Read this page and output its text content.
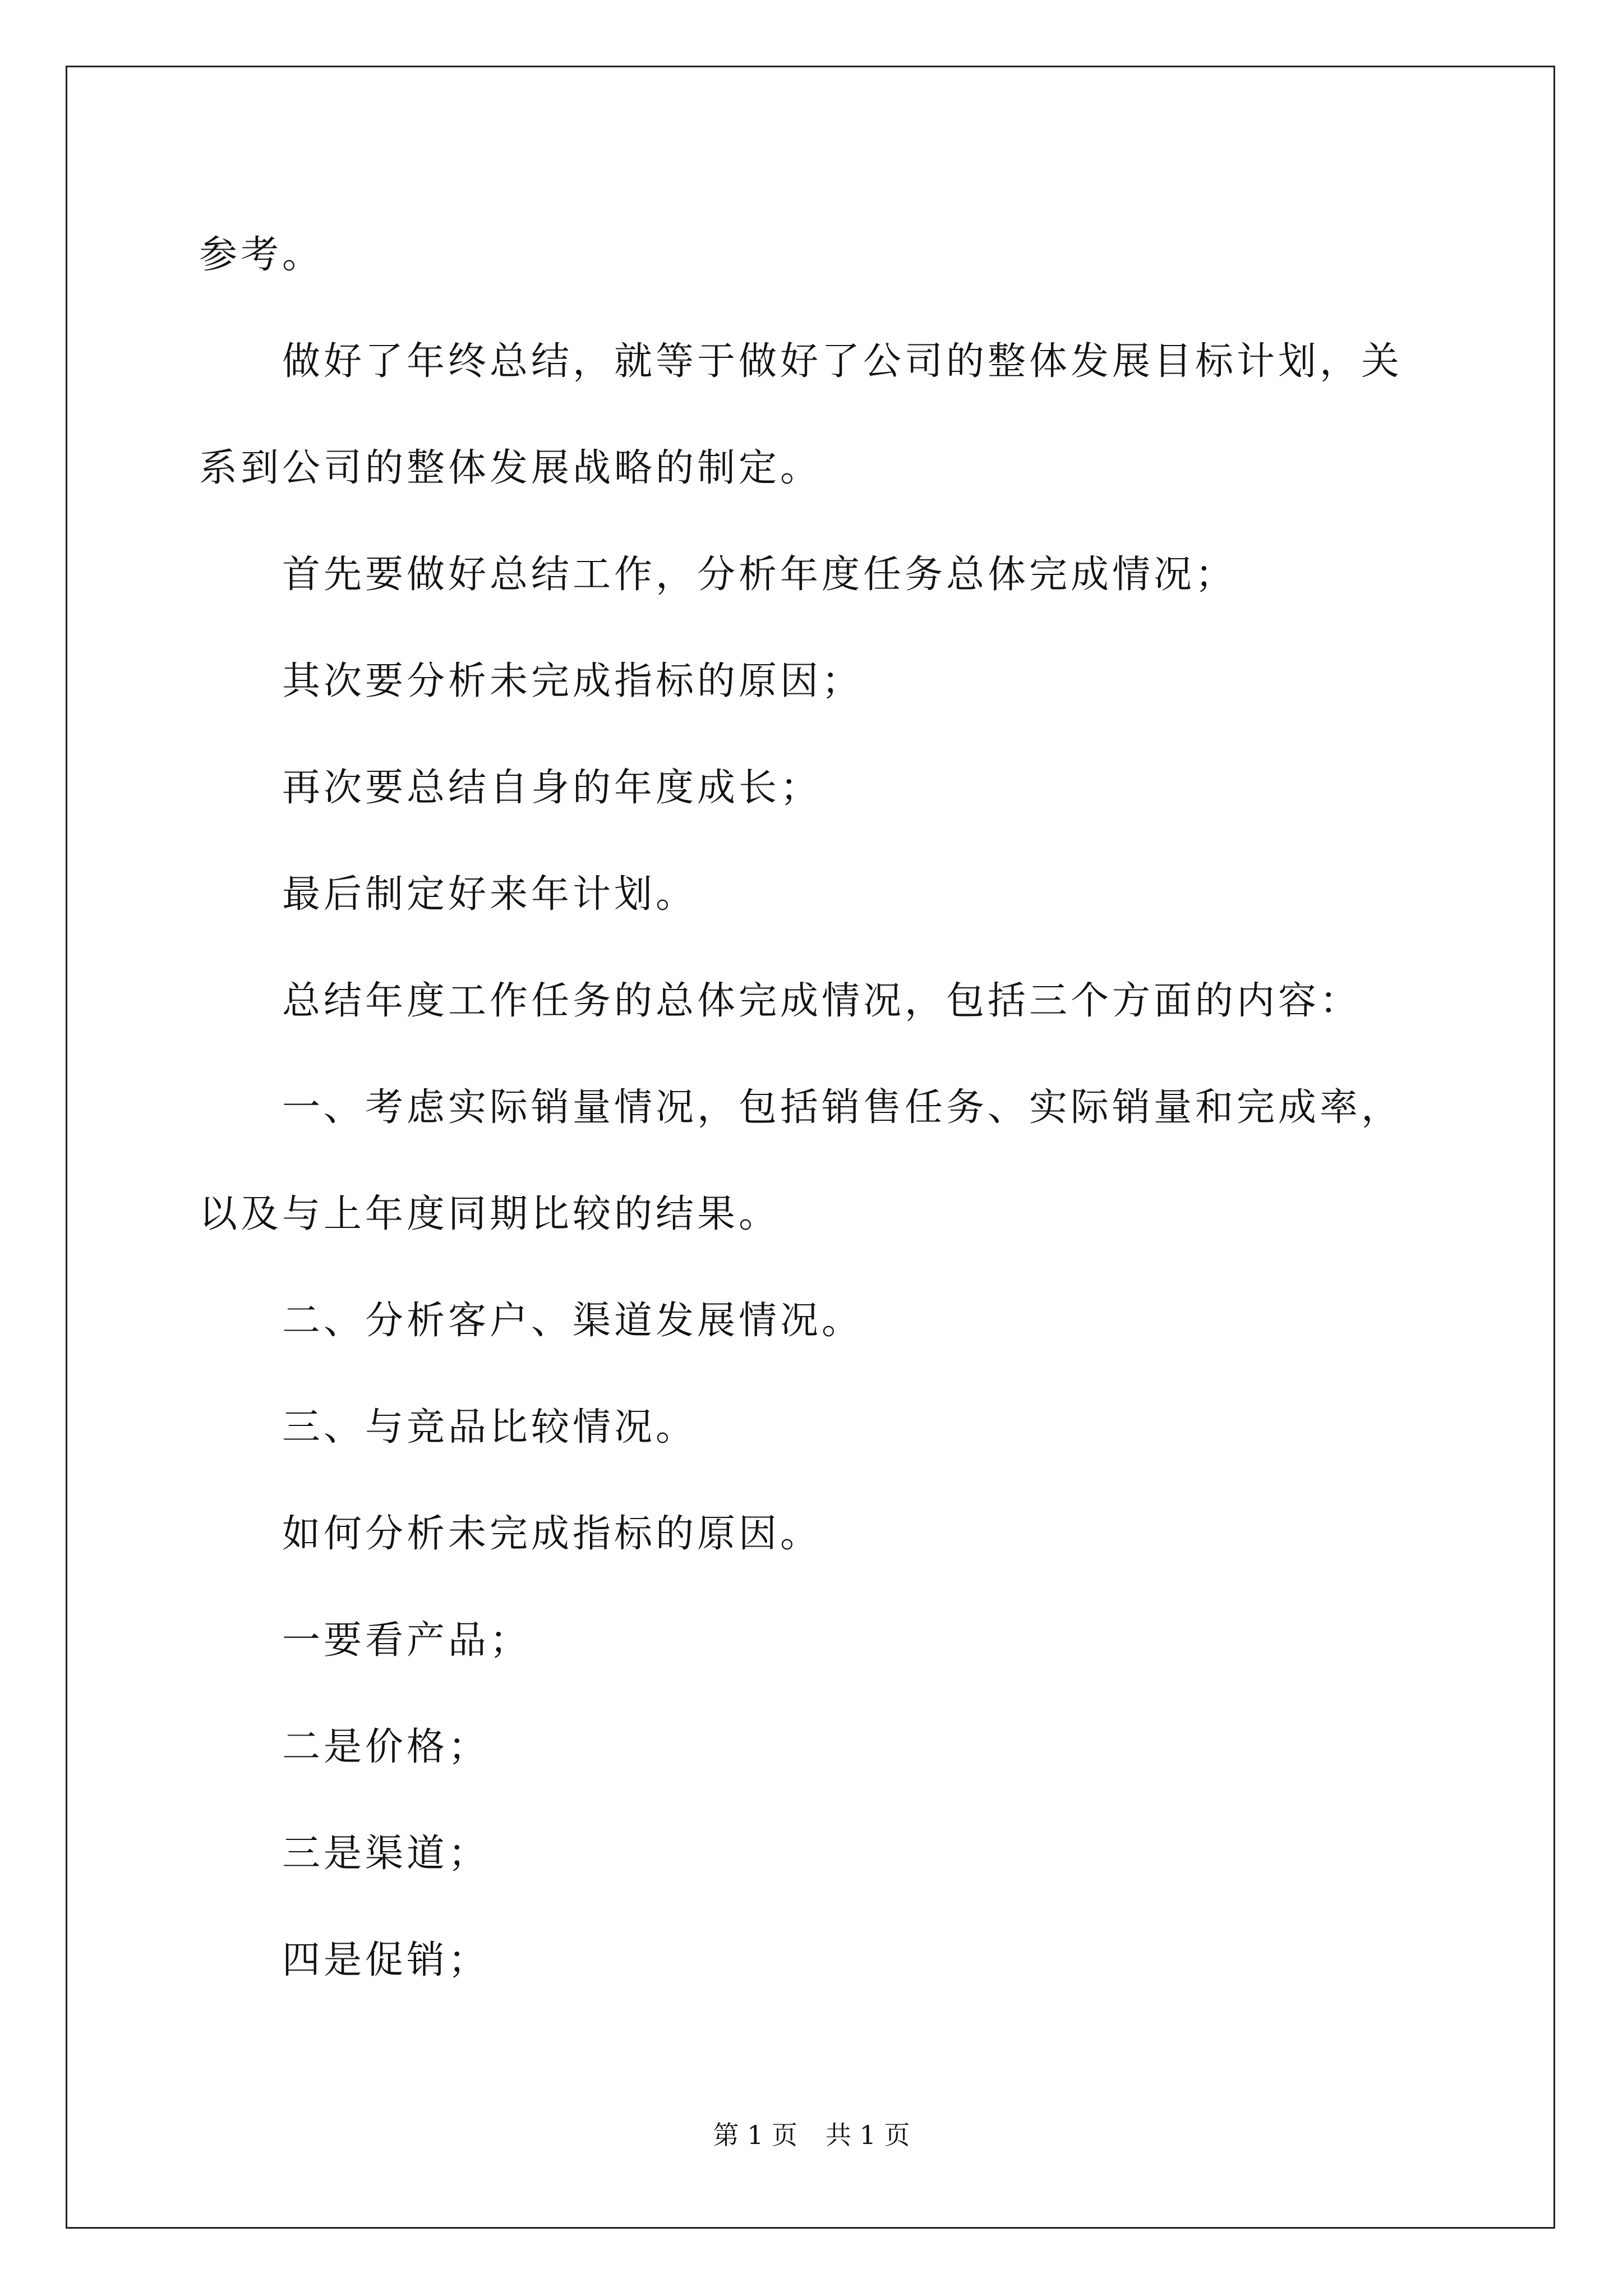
参考。

做好了年终总结，就等于做好了公司的整体发展目标计划，关系到公司的整体发展战略的制定。

首先要做好总结工作，分析年度任务总体完成情况；

其次要分析未完成指标的原因；

再次要总结自身的年度成长；

最后制定好来年计划。

总结年度工作任务的总体完成情况，包括三个方面的内容：

一、考虑实际销量情况，包括销售任务、实际销量和完成率，以及与上年度同期比较的结果。

二、分析客户、渠道发展情况。

三、与竞品比较情况。

如何分析未完成指标的原因。

一要看产品；

二是价格；

三是渠道；

四是促销；

第 1 页 共 1 页
